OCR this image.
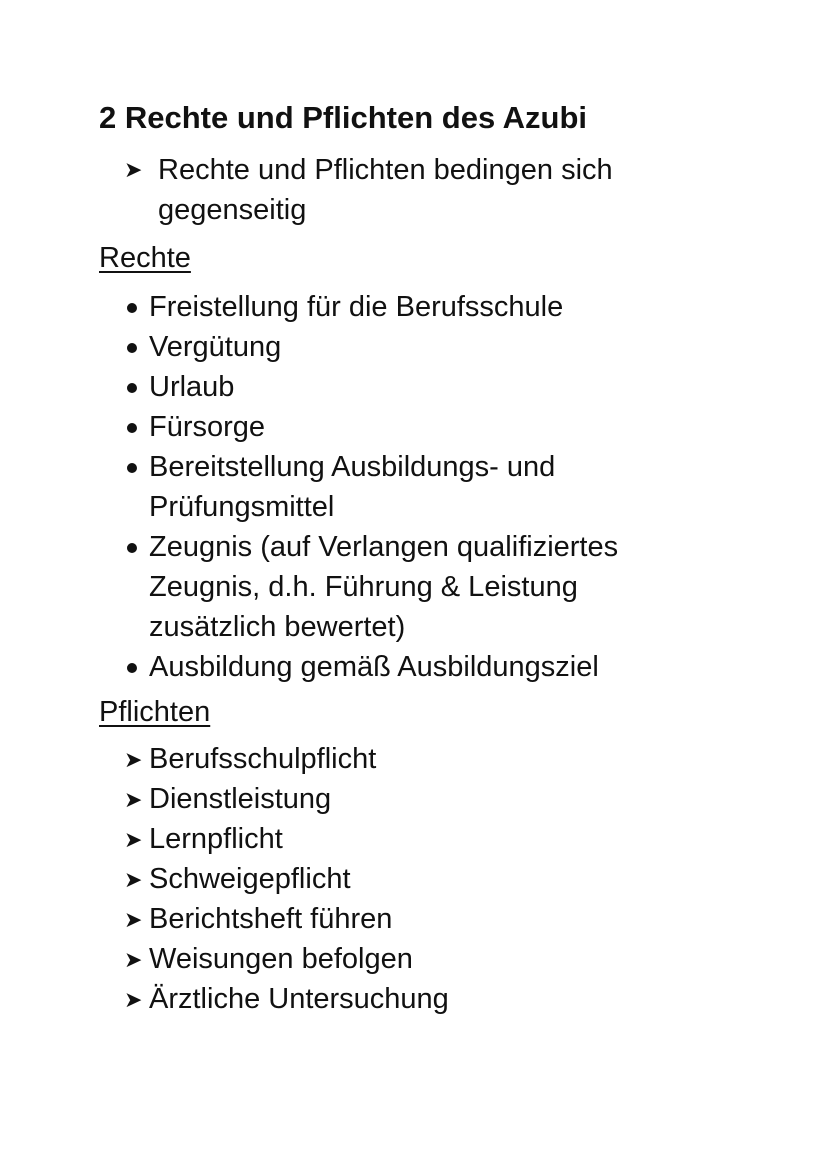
2 Rechte und Pflichten des Azubi
➤ Rechte und Pflichten bedingen sich gegenseitig
Rechte
Freistellung für die Berufsschule
Vergütung
Urlaub
Fürsorge
Bereitstellung Ausbildungs- und Prüfungsmittel
Zeugnis (auf Verlangen qualifiziertes Zeugnis, d.h. Führung & Leistung zusätzlich bewertet)
Ausbildung gemäß Ausbildungsziel
Pflichten
➤ Berufsschulpflicht
➤ Dienstleistung
➤ Lernpflicht
➤ Schweigepflicht
➤ Berichtsheft führen
➤ Weisungen befolgen
➤ Ärztliche Untersuchung
